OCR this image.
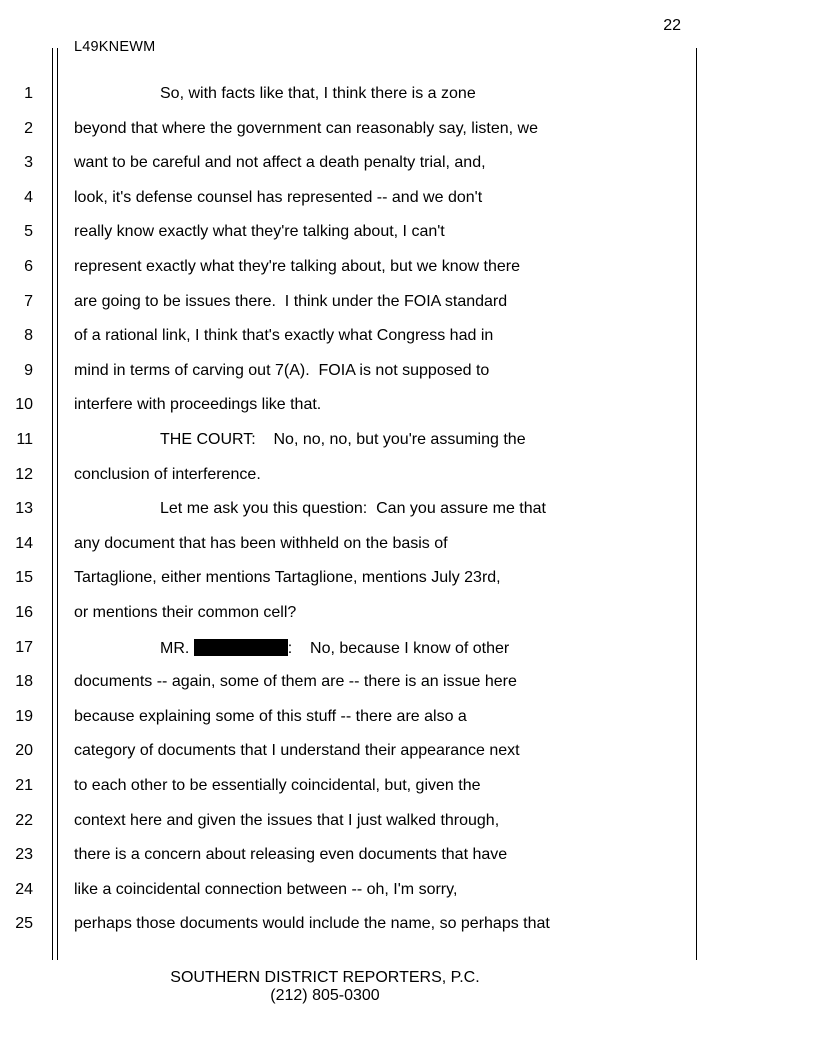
22
L49KNEWM
1	So, with facts like that, I think there is a zone
2	beyond that where the government can reasonably say, listen, we
3	want to be careful and not affect a death penalty trial, and,
4	look, it's defense counsel has represented -- and we don't
5	really know exactly what they're talking about, I can't
6	represent exactly what they're talking about, but we know there
7	are going to be issues there.  I think under the FOIA standard
8	of a rational link, I think that's exactly what Congress had in
9	mind in terms of carving out 7(A).  FOIA is not supposed to
10	interfere with proceedings like that.
11	THE COURT:    No, no, no, but you're assuming the
12	conclusion of interference.
13	Let me ask you this question:  Can you assure me that
14	any document that has been withheld on the basis of
15	Tartaglione, either mentions Tartaglione, mentions July 23rd,
16	or mentions their common cell?
17	MR.	:    No, because I know of other
18	documents -- again, some of them are -- there is an issue here
19	because explaining some of this stuff -- there are also a
20	category of documents that I understand their appearance next
21	to each other to be essentially coincidental, but, given the
22	context here and given the issues that I just walked through,
23	there is a concern about releasing even documents that have
24	like a coincidental connection between -- oh, I'm sorry,
25	perhaps those documents would include the name, so perhaps that
SOUTHERN DISTRICT REPORTERS, P.C.
(212) 805-0300
